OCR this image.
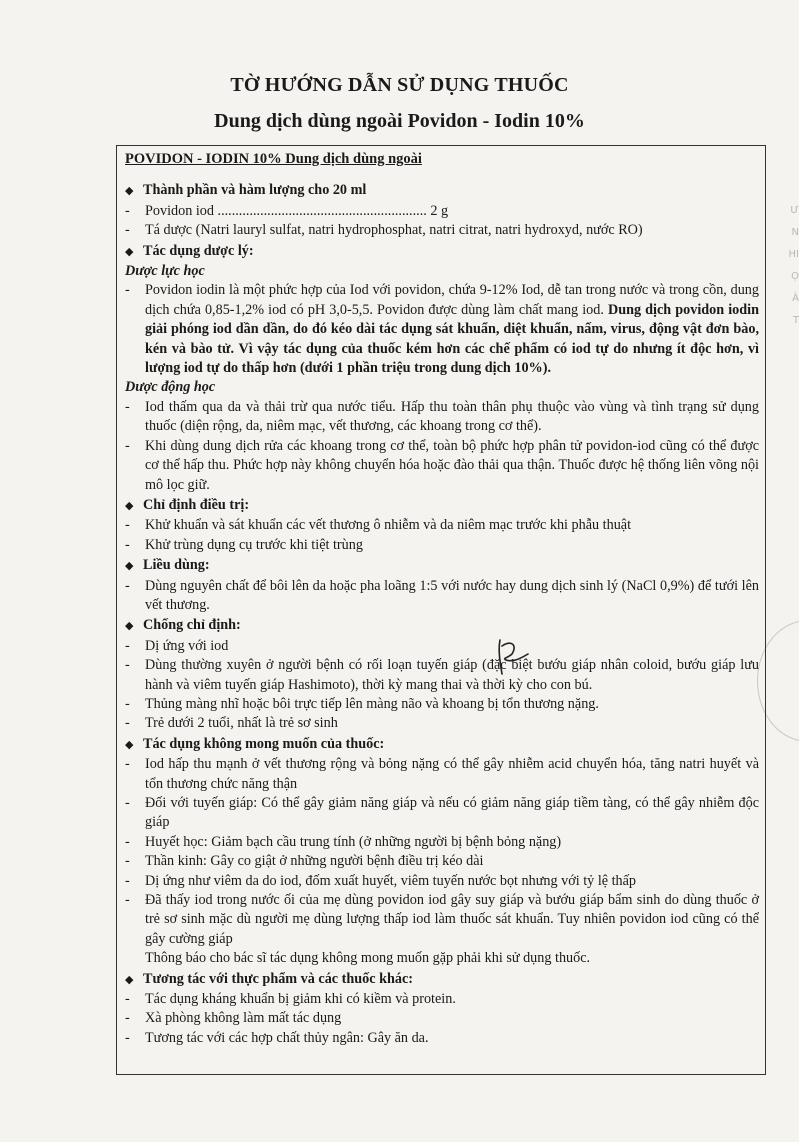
TỜ HƯỚNG DẪN SỬ DỤNG THUỐC
Dung dịch dùng ngoài Povidon - Iodin 10%
Ư
N
HI
Ọ
À
T
POVIDON - IODIN 10% Dung dịch dùng ngoài
◆ Thành phần và hàm lượng cho 20 ml
-	Povidon iod ........................................................... 2 g
-	Tá dược (Natri lauryl sulfat, natri hydrophosphat, natri citrat, natri hydroxyd, nước RO)
◆ Tác dụng dược lý:
Dược lực học
-	Povidon iodin là một phức hợp của Iod với povidon, chứa 9-12% Iod, dễ tan trong nước và trong cồn, dung dịch chứa 0,85-1,2% iod có pH 3,0-5,5. Povidon được dùng làm chất mang iod. Dung dịch povidon iodin giải phóng iod dần dần, do đó kéo dài tác dụng sát khuẩn, diệt khuẩn, nấm, virus, động vật đơn bào, kén và bào tử. Vì vậy tác dụng của thuốc kém hơn các chế phẩm có iod tự do nhưng ít độc hơn, vì lượng iod tự do thấp hơn (dưới 1 phần triệu trong dung dịch 10%).
Dược động học
-	Iod thấm qua da và thải trừ qua nước tiểu. Hấp thu toàn thân phụ thuộc vào vùng và tình trạng sử dụng thuốc (diện rộng, da, niêm mạc, vết thương, các khoang trong cơ thể).
-	Khi dùng dung dịch rửa các khoang trong cơ thể, toàn bộ phức hợp phân tử povidon-iod cũng có thể được cơ thể hấp thu. Phức hợp này không chuyển hóa hoặc đào thải qua thận. Thuốc được hệ thống liên võng nội mô lọc giữ.
◆ Chỉ định điều trị:
-	Khử khuẩn và sát khuẩn các vết thương ô nhiễm và da niêm mạc trước khi phẫu thuật
-	Khử trùng dụng cụ trước khi tiệt trùng
◆ Liều dùng:
-	Dùng nguyên chất để bôi lên da hoặc pha loãng 1:5 với nước hay dung dịch sinh lý (NaCl 0,9%) để tưới lên vết thương.
◆ Chống chỉ định:
-	Dị ứng với iod
-	Dùng thường xuyên ở người bệnh có rối loạn tuyến giáp (đặc biệt bướu giáp nhân coloid, bướu giáp lưu hành và viêm tuyến giáp Hashimoto), thời kỳ mang thai và thời kỳ cho con bú.
-	Thủng màng nhĩ hoặc bôi trực tiếp lên màng não và khoang bị tổn thương nặng.
-	Trẻ dưới 2 tuổi, nhất là trẻ sơ sinh
◆ Tác dụng không mong muốn của thuốc:
-	Iod hấp thu mạnh ở vết thương rộng và bỏng nặng có thể gây nhiễm acid chuyển hóa, tăng natri huyết và tổn thương chức năng thận
-	Đối với tuyến giáp: Có thể gây giảm năng giáp và nếu có giảm năng giáp tiềm tàng, có thể gây nhiễm độc giáp
-	Huyết học: Giảm bạch cầu trung tính (ở những người bị bệnh bỏng nặng)
-	Thần kinh: Gây co giật ở những người bệnh điều trị kéo dài
-	Dị ứng như viêm da do iod, đốm xuất huyết, viêm tuyến nước bọt nhưng với tỷ lệ thấp
-	Đã thấy iod trong nước ối của mẹ dùng povidon iod gây suy giáp và bướu giáp bẩm sinh do dùng thuốc ở trẻ sơ sinh mặc dù người mẹ dùng lượng thấp iod làm thuốc sát khuẩn. Tuy nhiên povidon iod cũng có thể gây cường giáp
Thông báo cho bác sĩ tác dụng không mong muốn gặp phải khi sử dụng thuốc.
◆ Tương tác với thực phẩm và các thuốc khác:
-	Tác dụng kháng khuẩn bị giảm khi có kiềm và protein.
-	Xà phòng không làm mất tác dụng
-	Tương tác với các hợp chất thủy ngân: Gây ăn da.
